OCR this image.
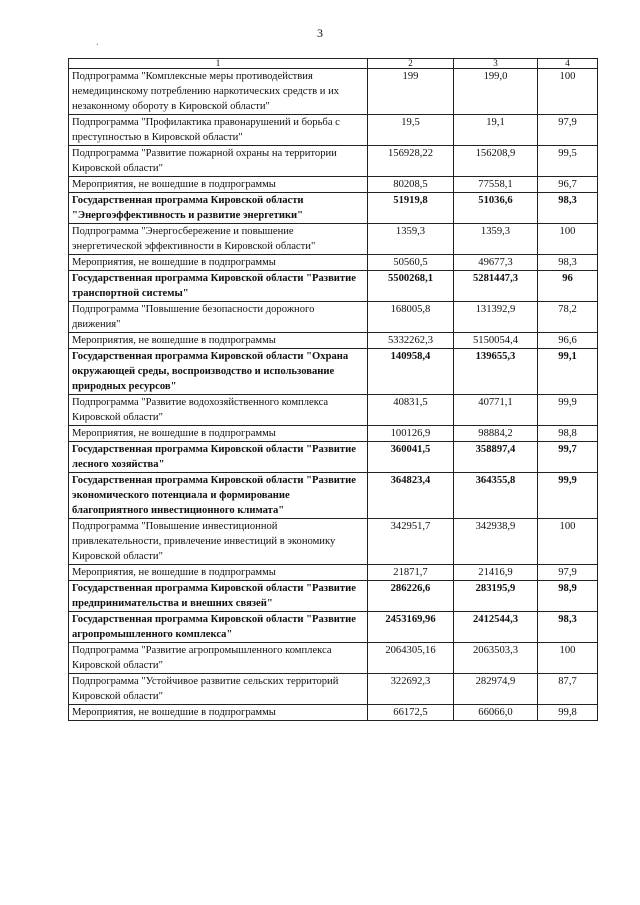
3
.
1	2	3	4
Подпрограмма "Комплексные меры противодействия немедицинскому потреблению наркотических средств и их незаконному обороту в Кировской области"	199	199,0	100
Подпрограмма "Профилактика правонарушений и борьба с преступностью в Кировской области"	19,5	19,1	97,9
Подпрограмма "Развитие пожарной охраны на территории Кировской области"	156928,22	156208,9	99,5
Мероприятия, не вошедшие в подпрограммы	80208,5	77558,1	96,7
Государственная программа Кировской области "Энергоэффективность и развитие энергетики"	51919,8	51036,6	98,3
Подпрограмма "Энергосбережение и повышение энергетической эффективности в Кировской области"	1359,3	1359,3	100
Мероприятия, не вошедшие в подпрограммы	50560,5	49677,3	98,3
Государственная программа Кировской области "Развитие транспортной системы"	5500268,1	5281447,3	96
Подпрограмма "Повышение безопасности дорожного движения"	168005,8	131392,9	78,2
Мероприятия, не вошедшие в подпрограммы	5332262,3	5150054,4	96,6
Государственная программа Кировской области "Охрана окружающей среды, воспроизводство и использование природных ресурсов"	140958,4	139655,3	99,1
Подпрограмма "Развитие водохозяйственного комплекса Кировской области"	40831,5	40771,1	99,9
Мероприятия, не вошедшие в подпрограммы	100126,9	98884,2	98,8
Государственная программа Кировской области "Развитие лесного хозяйства"	360041,5	358897,4	99,7
Государственная программа Кировской области "Развитие экономического потенциала и формирование благоприятного инвестиционного климата"	364823,4	364355,8	99,9
Подпрограмма "Повышение инвестиционной привлекательности, привлечение инвестиций в экономику Кировской области"	342951,7	342938,9	100
Мероприятия, не вошедшие в подпрограммы	21871,7	21416,9	97,9
Государственная программа Кировской области "Развитие предпринимательства и внешних связей"	286226,6	283195,9	98,9
Государственная программа Кировской области "Развитие агропромышленного комплекса"	2453169,96	2412544,3	98,3
Подпрограмма "Развитие агропромышленного комплекса Кировской области"	2064305,16	2063503,3	100
Подпрограмма "Устойчивое развитие сельских территорий Кировской области"	322692,3	282974,9	87,7
Мероприятия, не вошедшие в подпрограммы	66172,5	66066,0	99,8
